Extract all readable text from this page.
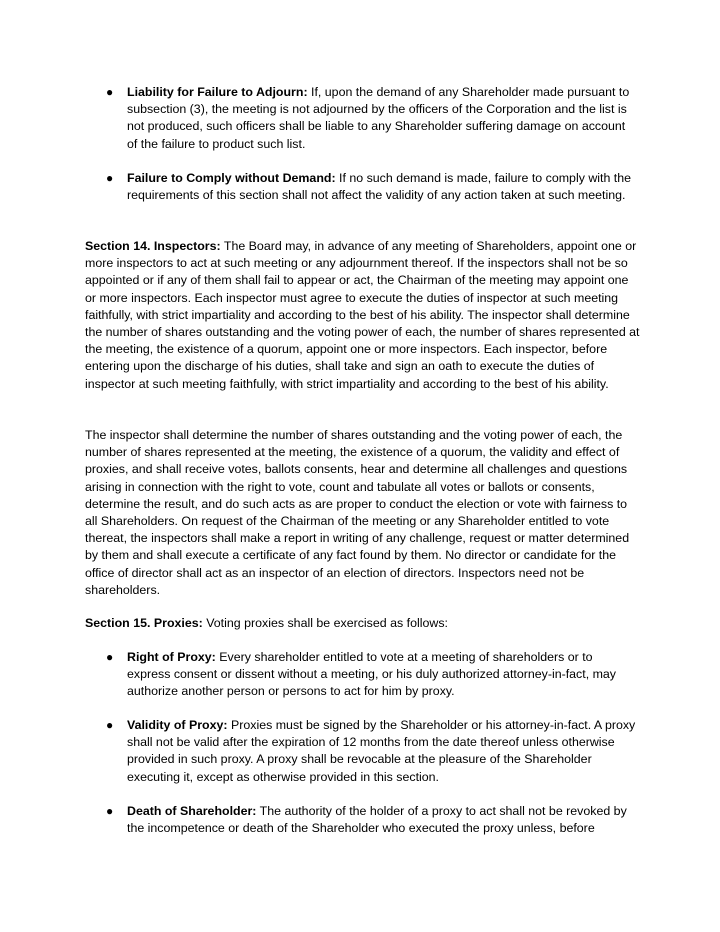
● Liability for Failure to Adjourn: If, upon the demand of any Shareholder made pursuant to subsection (3), the meeting is not adjourned by the officers of the Corporation and the list is not produced, such officers shall be liable to any Shareholder suffering damage on account of the failure to product such list.

● Failure to Comply without Demand: If no such demand is made, failure to comply with the requirements of this section shall not affect the validity of any action taken at such meeting.

Section 14. Inspectors: The Board may, in advance of any meeting of Shareholders, appoint one or more inspectors to act at such meeting or any adjournment thereof. If the inspectors shall not be so appointed or if any of them shall fail to appear or act, the Chairman of the meeting may appoint one or more inspectors. Each inspector must agree to execute the duties of inspector at such meeting faithfully, with strict impartiality and according to the best of his ability. The inspector shall determine the number of shares outstanding and the voting power of each, the number of shares represented at the meeting, the existence of a quorum, appoint one or more inspectors. Each inspector, before entering upon the discharge of his duties, shall take and sign an oath to execute the duties of inspector at such meeting faithfully, with strict impartiality and according to the best of his ability.

The inspector shall determine the number of shares outstanding and the voting power of each, the number of shares represented at the meeting, the existence of a quorum, the validity and effect of proxies, and shall receive votes, ballots consents, hear and determine all challenges and questions arising in connection with the right to vote, count and tabulate all votes or ballots or consents, determine the result, and do such acts as are proper to conduct the election or vote with fairness to all Shareholders. On request of the Chairman of the meeting or any Shareholder entitled to vote thereat, the inspectors shall make a report in writing of any challenge, request or matter determined by them and shall execute a certificate of any fact found by them. No director or candidate for the office of director shall act as an inspector of an election of directors. Inspectors need not be shareholders.

Section 15. Proxies: Voting proxies shall be exercised as follows:

● Right of Proxy: Every shareholder entitled to vote at a meeting of shareholders or to express consent or dissent without a meeting, or his duly authorized attorney-in-fact, may authorize another person or persons to act for him by proxy.

● Validity of Proxy: Proxies must be signed by the Shareholder or his attorney-in-fact. A proxy shall not be valid after the expiration of 12 months from the date thereof unless otherwise provided in such proxy. A proxy shall be revocable at the pleasure of the Shareholder executing it, except as otherwise provided in this section.

● Death of Shareholder: The authority of the holder of a proxy to act shall not be revoked by the incompetence or death of the Shareholder who executed the proxy unless, before
